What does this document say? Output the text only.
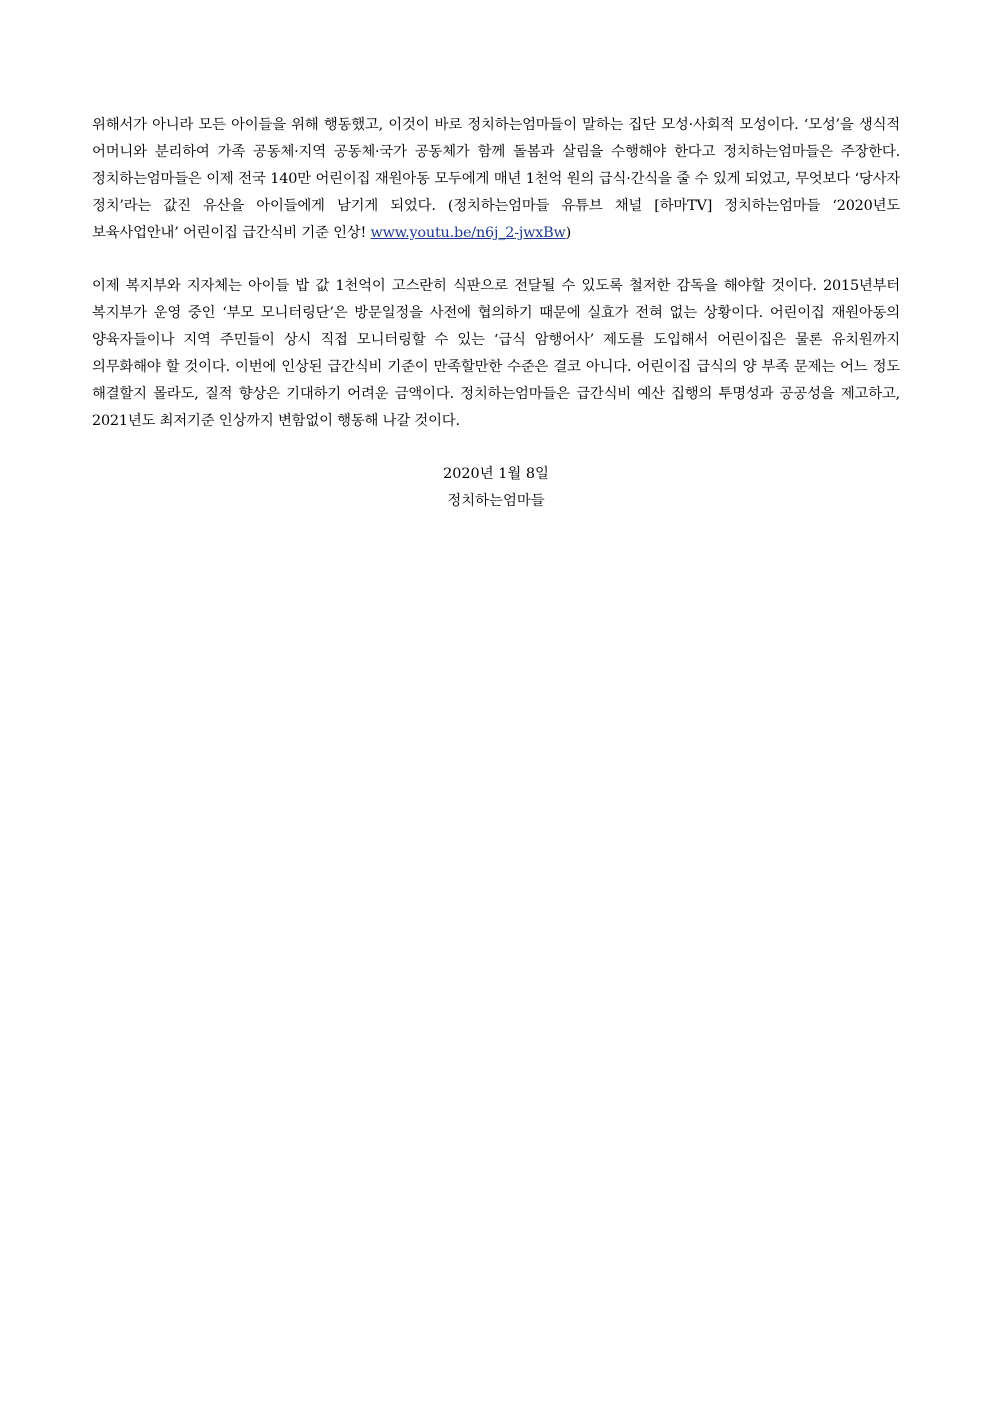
위해서가 아니라 모든 아이들을 위해 행동했고, 이것이 바로 정치하는엄마들이 말하는 집단 모성·사회적 모성이다. ‘모성’을 생식적 어머니와 분리하여 가족 공동체·지역 공동체·국가 공동체가 함께 돌봄과 살림을 수행해야 한다고 정치하는엄마들은 주장한다. 정치하는엄마들은 이제 전국 140만 어린이집 재원아동 모두에게 매년 1천억 원의 급식·간식을 줄 수 있게 되었고, 무엇보다 ‘당사자 정치’라는 값진 유산을 아이들에게 남기게 되었다. (정치하는엄마들 유튜브 채널 [하마TV] 정치하는엄마들 ‘2020년도 보육사업안내’ 어린이집 급간식비 기준 인상! www.youtu.be/n6j_2-jwxBw)

이제 복지부와 지자체는 아이들 밥 값 1천억이 고스란히 식판으로 전달될 수 있도록 철저한 감독을 해야할 것이다. 2015년부터 복지부가 운영 중인 ‘부모 모니터링단’은 방문일정을 사전에 협의하기 때문에 실효가 전혀 없는 상황이다. 어린이집 재원아동의 양육자들이나 지역 주민들이 상시 직접 모니터링할 수 있는 ‘급식 암행어사’ 제도를 도입해서 어린이집은 물론 유치원까지 의무화해야 할 것이다. 이번에 인상된 급간식비 기준이 만족할만한 수준은 결코 아니다. 어린이집 급식의 양 부족 문제는 어느 정도 해결할지 몰라도, 질적 향상은 기대하기 어려운 금액이다. 정치하는엄마들은 급간식비 예산 집행의 투명성과 공공성을 제고하고, 2021년도 최저기준 인상까지 변함없이 행동해 나갈 것이다.

2020년 1월 8일
정치하는엄마들
